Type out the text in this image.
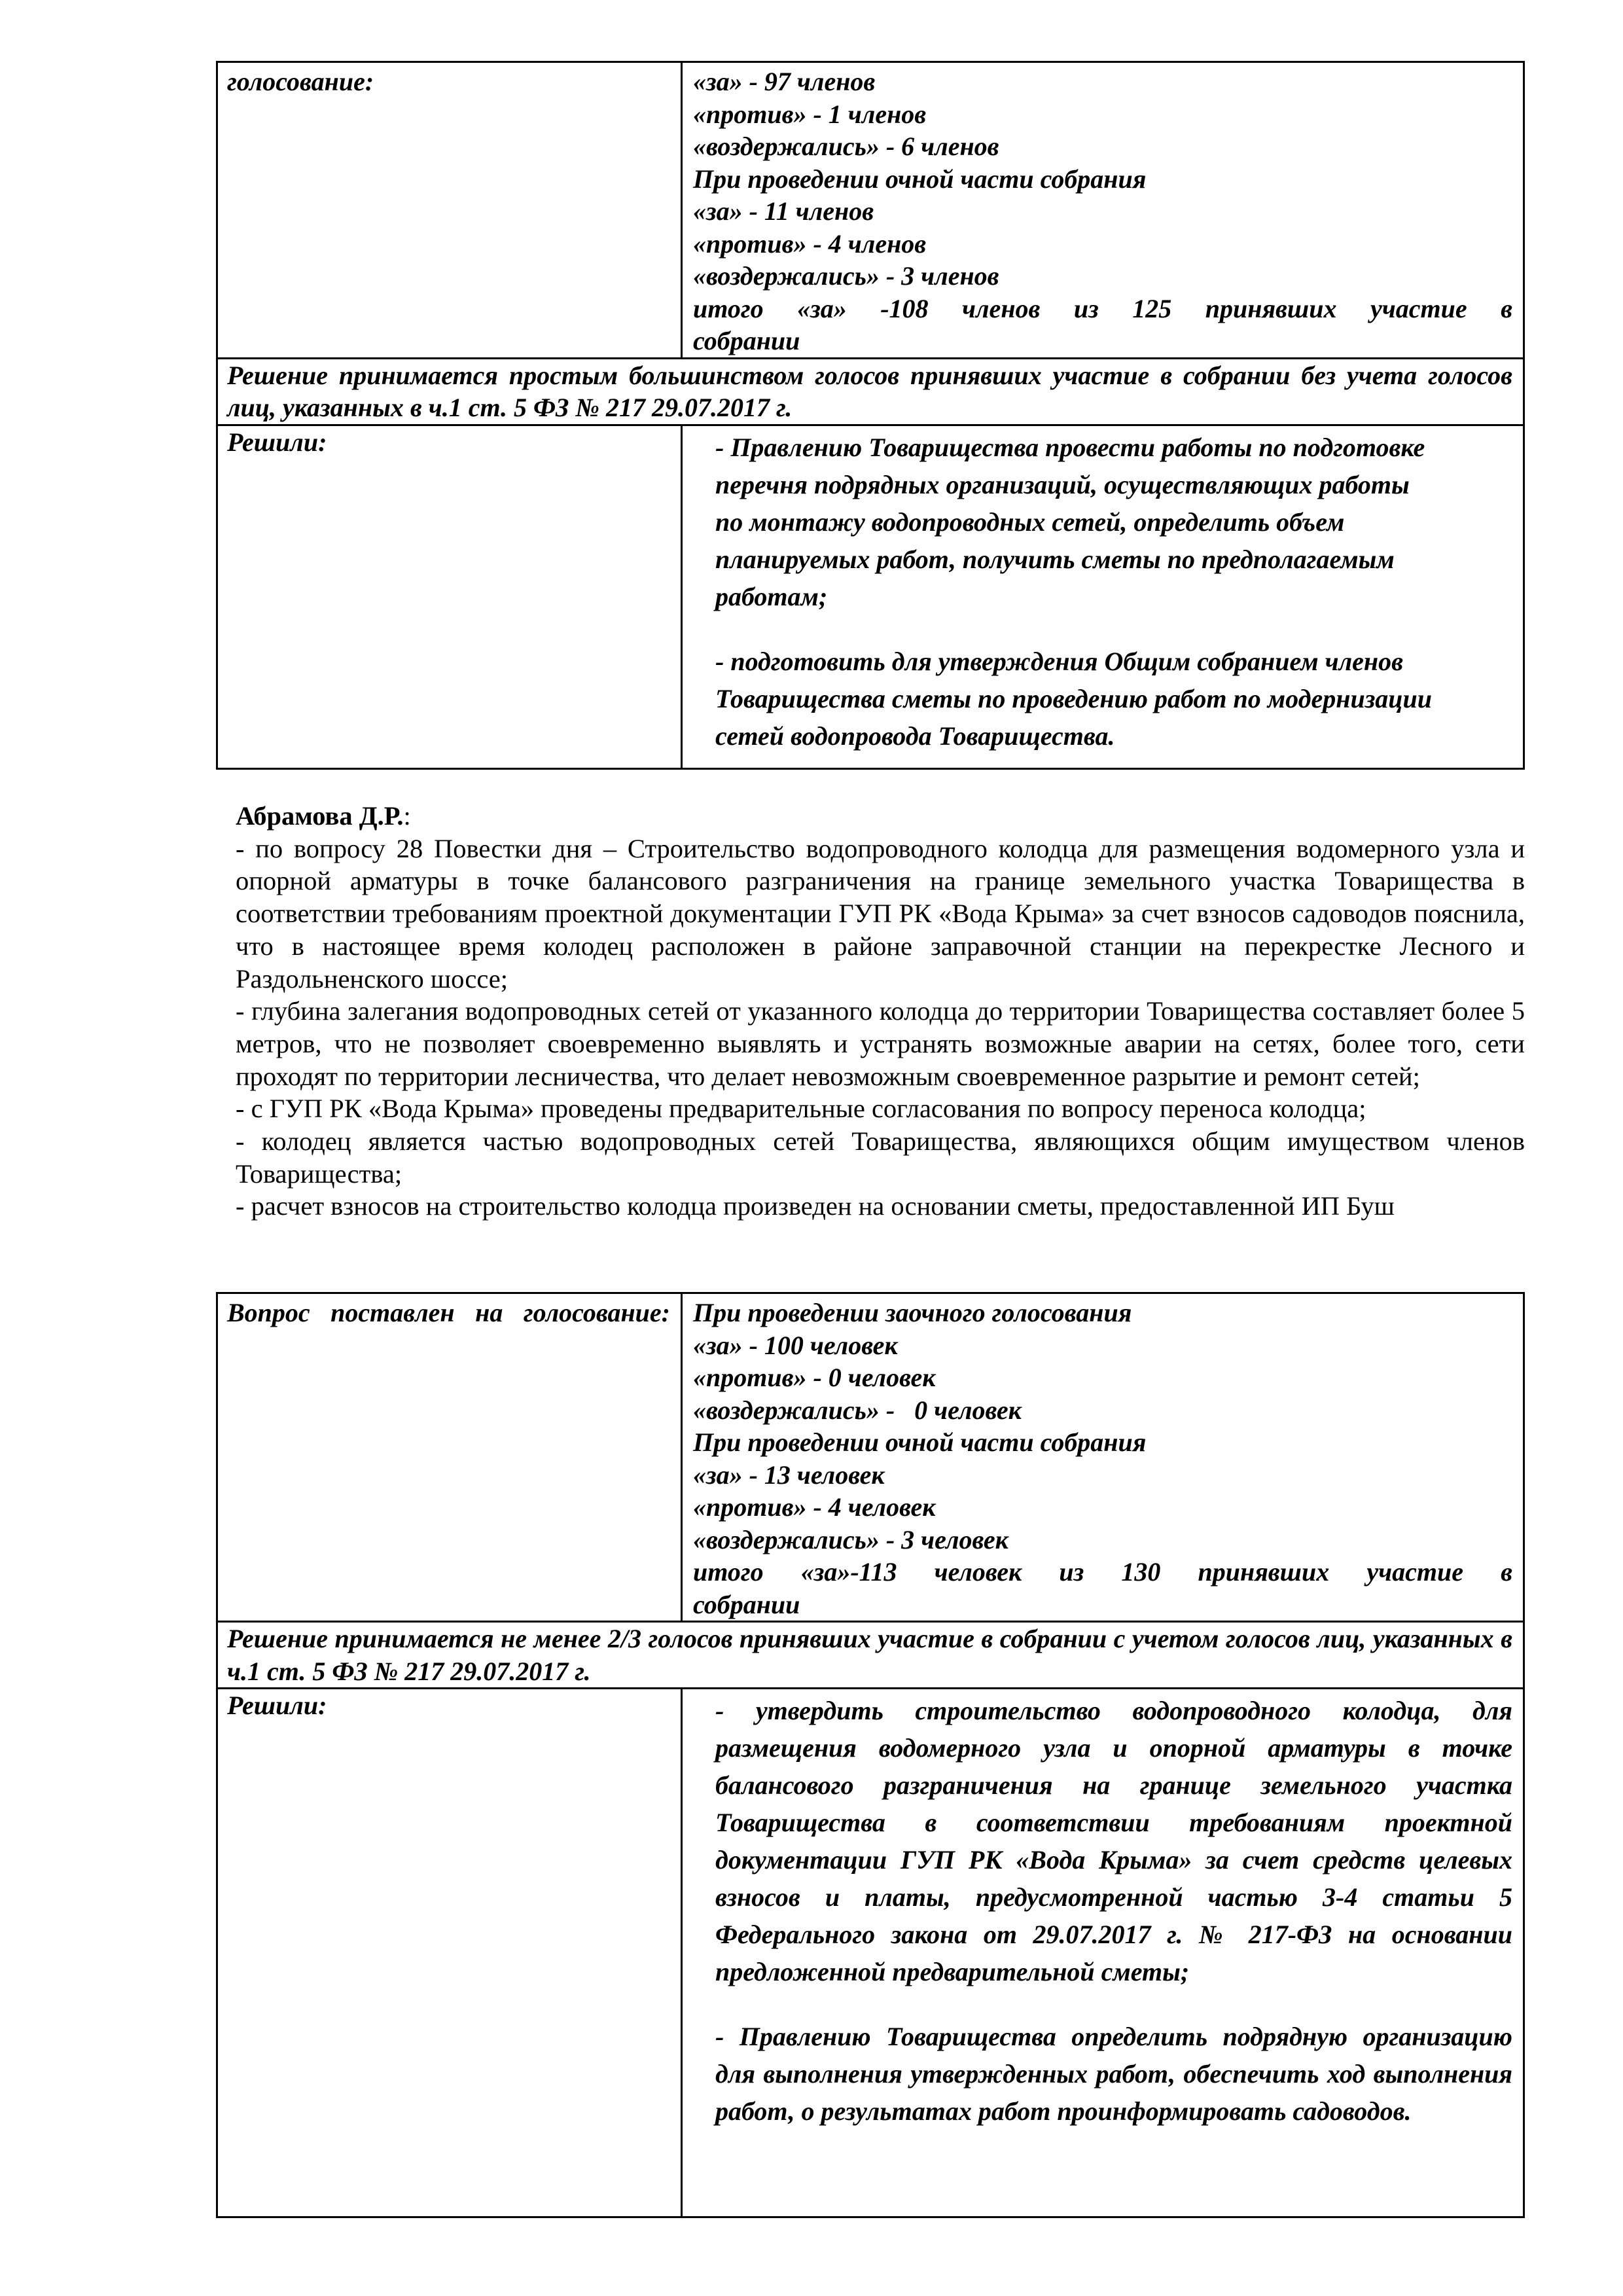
голосование:	«за» - 97 членов
«против» - 1 членов
«воздержались» - 6 членов
При проведении очной части собрания
«за» - 11 членов
«против» - 4 членов
«воздержались» - 3 членов
итого «за» -108 членов из 125 принявших участие в
собрании

Решение принимается простым большинством голосов принявших участие в собрании без учета голосов лиц, указанных в ч.1 ст. 5 ФЗ № 217 29.07.2017 г.	

Решили:	- Правлению Товарищества провести работы по подготовке перечня подрядных организаций, осуществляющих работы по монтажу водопроводных сетей, определить объем планируемых работ, получить сметы по предполагаемым работам;

- подготовить для утверждения Общим собранием членов Товарищества сметы по проведению работ по модернизации сетей водопровода Товарищества.

Абрамова Д.Р.:

- по вопросу 28 Повестки дня – Строительство водопроводного колодца для размещения водомерного узла и опорной арматуры в точке балансового разграничения на границе земельного участка Товарищества в соответствии требованиям проектной документации ГУП РК «Вода Крыма» за счет взносов садоводов пояснила, что в настоящее время колодец расположен в районе заправочной станции на перекрестке Лесного и Раздольненского шоссе;

- глубина залегания водопроводных сетей от указанного колодца до территории Товарищества составляет более 5 метров, что не позволяет своевременно выявлять и устранять возможные аварии на сетях, более того, сети проходят по территории лесничества, что делает невозможным своевременное разрытие и ремонт сетей;

- с ГУП РК «Вода Крыма» проведены предварительные согласования по вопросу переноса колодца;

- колодец является частью водопроводных сетей Товарищества, являющихся общим имуществом членов Товарищества;

- расчет взносов на строительство колодца произведен на основании сметы, предоставленной ИП Буш

Вопрос поставлен на голосование:	При проведении заочного голосования
«за» - 100 человек
«против» - 0 человек
«воздержались» -   0 человек
При проведении очной части собрания
«за» - 13 человек
«против» - 4 человек
«воздержались» - 3 человек
итого «за»-113 человек из 130 принявших участие в
собрании

Решение принимается не менее 2/3 голосов принявших участие в собрании с учетом голосов лиц, указанных в ч.1 ст. 5 ФЗ № 217 29.07.2017 г.	

Решили:	- утвердить строительство водопроводного колодца, для размещения водомерного узла и опорной арматуры в точке балансового разграничения на границе земельного участка Товарищества в соответствии требованиям проектной документации ГУП РК «Вода Крыма» за счет средств целевых взносов и платы, предусмотренной частью 3-4 статьи 5 Федерального закона от 29.07.2017 г. № 217-ФЗ на основании предложенной предварительной сметы;

- Правлению Товарищества определить подрядную организацию для выполнения утвержденных работ, обеспечить ход выполнения работ, о результатах работ проинформировать садоводов.
